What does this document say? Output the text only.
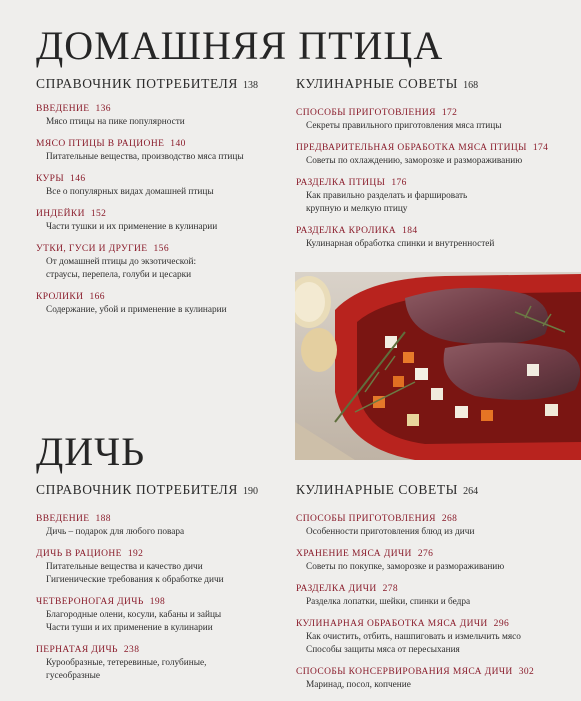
ДОМАШНЯЯ ПТИЦА
СПРАВОЧНИК ПОТРЕБИТЕЛЯ 138
ВВЕДЕНИЕ 136
Мясо птицы на пике популярности
МЯСО ПТИЦЫ В РАЦИОНЕ 140
Питательные вещества, производство мяса птицы
КУРЫ 146
Все о популярных видах домашней птицы
ИНДЕЙКИ 152
Части тушки и их применение в кулинарии
УТКИ, ГУСИ И ДРУГИЕ 156
От домашней птицы до экзотической:
страусы, перепела, голуби и цесарки
КРОЛИКИ 166
Содержание, убой и применение в кулинарии
КУЛИНАРНЫЕ СОВЕТЫ 168
СПОСОБЫ ПРИГОТОВЛЕНИЯ 172
Секреты правильного приготовления мяса птицы
ПРЕДВАРИТЕЛЬНАЯ ОБРАБОТКА МЯСА ПТИЦЫ 174
Советы по охлаждению, заморозке и размораживанию
РАЗДЕЛКА ПТИЦЫ 176
Как правильно разделать и фаршировать
крупную и мелкую птицу
РАЗДЕЛКА КРОЛИКА 184
Кулинарная обработка спинки и внутренностей
ДИЧЬ
СПРАВОЧНИК ПОТРЕБИТЕЛЯ 190
ВВЕДЕНИЕ 188
Дичь – подарок для любого повара
ДИЧЬ В РАЦИОНЕ 192
Питательные вещества и качество дичи
Гигиенические требования к обработке дичи
ЧЕТВЕРОНОГАЯ ДИЧЬ 198
Благородные олени, косули, кабаны и зайцы
Части туши и их применение в кулинарии
ПЕРНАТАЯ ДИЧЬ 238
Курообразные, тетеревиные, голубиные,
гусеобразные
КУЛИНАРНЫЕ СОВЕТЫ 264
СПОСОБЫ ПРИГОТОВЛЕНИЯ 268
Особенности приготовления блюд из дичи
ХРАНЕНИЕ МЯСА ДИЧИ 276
Советы по покупке, заморозке и размораживанию
РАЗДЕЛКА ДИЧИ 278
Разделка лопатки, шейки, спинки и бедра
КУЛИНАРНАЯ ОБРАБОТКА МЯСА ДИЧИ 296
Как очистить, отбить, нашпиговать и измельчить мясо
Способы защиты мяса от пересыхания
СПОСОБЫ КОНСЕРВИРОВАНИЯ МЯСА ДИЧИ 302
Маринад, посол, копчение
